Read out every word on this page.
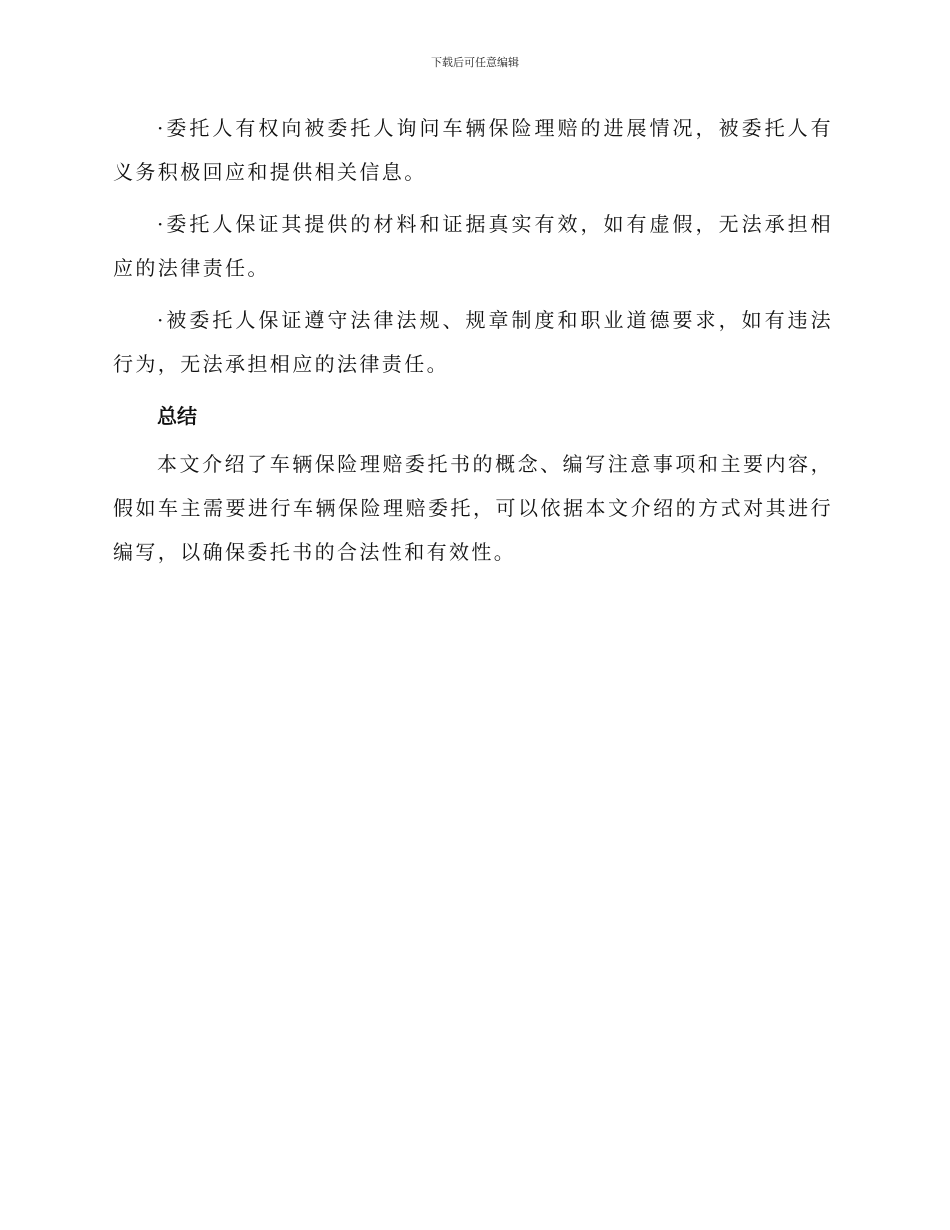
下载后可任意编辑

·委托人有权向被委托人询问车辆保险理赔的进展情况，被委托人有义务积极回应和提供相关信息。

·委托人保证其提供的材料和证据真实有效，如有虚假，无法承担相应的法律责任。

·被委托人保证遵守法律法规、规章制度和职业道德要求，如有违法行为，无法承担相应的法律责任。

总结

本文介绍了车辆保险理赔委托书的概念、编写注意事项和主要内容，假如车主需要进行车辆保险理赔委托，可以依据本文介绍的方式对其进行编写，以确保委托书的合法性和有效性。
